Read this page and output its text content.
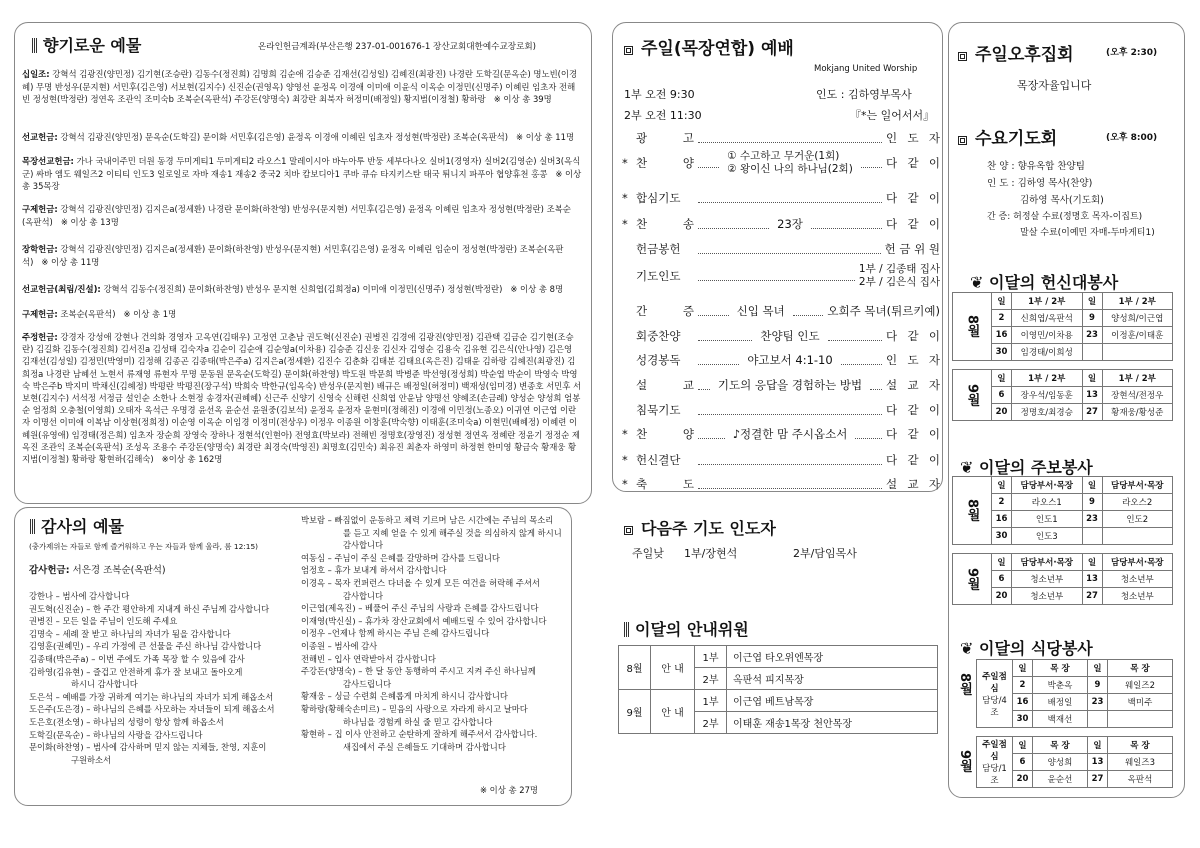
향기로운 예물	온라인헌금계좌(부산은행 237-01-001676-1 장산교회대한예수교장로회)
십일조: 강혁석 김광진(양민정) 김기현(조승란) 김동수(정진희) 김명희 김순애 김승준 김재선(김성일) 김혜진(최광진) 나경란 도학길(문옥순) 명노빈(이경혜) 무명 반성우(문지현) 서민후(김은영) 서보현(김지수) 신진순(권영옥) 양영선 윤정옥 이경애 이미애 이윤식 이옥순 이정민(신명주) 이혜린 임초자 전해빈 정성현(박정란) 정연옥 조관익 조미숙b 조복순(옥판석) 주강돈(양명숙) 최강란 최북자 허정미(배정일) 황지범(이정철) 황하랑 ※ 이상 총 39명
선교헌금: 강혁석 김광진(양민정) 문옥순(도학길) 문이화 서민후(김은영) 윤정옥 이경애 이혜린 임초자 정성현(박정란) 조복순(옥판석) ※ 이상 총 11명
목장선교헌금: 가나 국내이주민 더원 동경 두미게티1 두미게티2 라오스1 말레이시아 바누아투 반둥 세부다나오 실버1(경영자) 실버2(김영순) 실버3(옥식군) 싸바 엠도 웨일즈2 이티티 인도3 일로일로 자바 재송1 재송2 중국2 치바 캄보디아1 쿠바 큐슈 타지키스탄 태국 튀니지 파푸아 협양휴천 홍콩 ※ 이상 총 35목장
구제헌금: 강혁석 김광진(양민정) 김지은a(정세환) 나경란 문이화(하찬영) 반성우(문지현) 서민후(김은영) 윤정옥 이혜린 임초자 정성현(박정란) 조복순(옥판석) ※ 이상 총 13명
장학헌금: 강혁석 김광진(양민정) 김지은a(정세환) 문이화(하찬영) 반성우(문지현) 서민후(김은영) 윤정옥 이혜린 임순이 정성현(박정란) 조복순(옥판석) ※ 이상 총 11명
선교헌금(최림/진설): 강혁석 김동수(정진희) 문이화(하찬영) 반성우 문지현 신희엽(김희정a) 이미애 이정민(신명주) 정성현(박정란) ※ 이상 총 8명
구제헌금: 조복순(옥판석) ※ 이상 총 1명
주정헌금: 강경자 강성애 강현나 건의화 경영자 고옥연(김태우) 고정연 고춘남 권도혁(신진순) 권병진 김경애 김광진(양민정) 김관택 김금순 김기현(조승란) 김길화 김동수(정진희) 김서진a 김성태 김숙자a 김순이 김순애 김순영a(이차용) 김승준 김신웅 김신자 김영순 김용숙 김유현 김은식(안나영) 김은영 김재선(김성일) 김정민(박영미) 김정해 김종곤 김종태(박은주a) 김지은a(정세환) 김진수 김춘화 김태분 김태요(옥은진) 김태윤 김하랑 김혜진(최광진) 김희정a 나경란 남혜선 노현서 류재영 류현자 무명 문동원 문옥순(도학길) 문이화(하찬영) 박도원 박문희 박병준 박선영(정성희) 박순엽 박순이 박영숙 박영숙 박은주b 박지미 박채신(김혜정) 박평란 박평진(장구석) 박희숙 박한규(임옥숙) 반성우(문지현) 배규은 배정일(허정미) 백재성(임미경) 변종호 서민후 서보현(김지수) 서석정 서정금 설인순 소한나 소현정 송경자(권혜혜) 신근주 신양기 신영숙 신해련 신희엽 안윤남 양명선 양혜조(손금례) 양성순 양성희 엄봉순 엄정희 오충철(이영희) 오태자 옥석근 우명경 윤선옥 윤순선 윤원중(김보석) 윤정옥 윤정자 윤현미(정해진) 이경애 이민정(노종오) 이귀연 이근엽 이란자 이명선 이미애 이복남 이상현(정희정) 이순영 이옥순 이임경 이정미(전상우) 이정우 이종원 이창훈(박숙향) 이태훈(조미숙a) 이현민(배혜정) 이혜련 이혜원(유영애) 임경태(정은희) 임초자 장순희 장영숙 장하나 정현석(인현아) 전영효(박보라) 전해빈 정명호(장영진) 정성현 정연옥 정혜란 정윤기 정정순 제옥진 조관익 조복순(옥판석) 조성옥 조용수 주강돈(양명숙) 최경란 최경숙(박영진) 최명호(김민숙) 최유진 최춘자 하영미 하정현 한미영 황금숙 황재웅 황지범(이정철) 황하랑 황현하(김해숙) ※이상 총 162명
감사의 예물
(충가제위는 자들로 함께 즐거워하고 우는 자들과 함께 울라, 롬 12:15)
감사헌금: 서은경 조복순(옥판석)
강한나 – 범사에 감사합니다
권도혁(신진순) – 한 주간 평안하게 지내게 하신 주님께 감사합니다
권병진 – 모든 일을 주님이 인도해 주세요
김명숙 – 세례 잘 받고 하나님의 자녀가 됨을 감사합니다
김영훈(권혜민) – 우리 가정에 큰 선물을 주신 하나님 감사합니다
김종태(박은주a) – 이번 주에도 가족 목장 할 수 있음에 감사
김하영(김유현) – 즐겁고 안전하게 휴가 잘 보내고 돌아오게
하시니 감사합니다
도은석 – 예배를 가장 귀하게 여기는 하나님의 자녀가 되게 해옵소서
도은주(도은경) – 하나님의 은혜를 사모하는 자녀들이 되게 해옵소서
도은호(전소영) – 하나님의 성령이 항상 함께 하옵소서
도학길(문옥순) – 하나님의 사랑을 감사드립니다
문이화(하찬영) – 범사에 감사하며 믿지 않는 지체들, 찬영, 지훈이
구원하소서
박보람 – 빠짐없이 운동하고 체력 기르며 남은 시간에는 주님의 목소리
를 듣고 지혜 얻을 수 있게 해주실 것을 의심하지 않게 하시니
감사합니다
여동심 – 주님이 주실 은혜를 갈망하며 감사를 드립니다
엄정호 – 휴가 보내게 하셔서 감사합니다
이경옥 – 목자 컨퍼런스 다녀올 수 있게 모든 여건을 허락해 주셔서
감사합니다
이근엽(제옥진) – 베풀어 주신 주님의 사랑과 은혜를 감사드립니다
이재영(박신실) – 휴가차 장산교회에서 예배드릴 수 있어 감사합니다
이정우 –언제나 함께 하시는 주님 은혜 감사드립니다
이종원 – 범사에 감사
전해빈 – 입사 연락받아서 감사합니다
주강돈(양명숙) – 한 달 동안 동행하여 주시고 지켜 주신 하나님께
감사드립니다
황재웅 – 싱글 수련회 은혜롭게 마치게 하시니 감사합니다
황하랑(황해숙손미르) – 믿음의 사랑으로 자라게 하시고 날마다
하나님을 경험케 하실 줄 믿고 감사합니다
황현하 – 집 이사 안전하고 순탄하게 잘하게 해주셔서 감사합니다.
새집에서 주실 은혜들도 기대하며 감사합니다
※ 이상 총 27명
주일(목장연합) 예배
Mokjang United Worship
1부 오전 9:30	인도 : 김하영부목사
2부 오전 11:30	『*는 일어서서』
광 고	인 도 자
* 찬 양	① 수고하고 무거운(1회)
② 왕이신 나의 하나님(2회)	다 같 이
* 합심기도	다 같 이
* 찬 송	23장	다 같 이
헌금봉헌	헌 금 위 원
기도인도	1부 / 김종태 집사
2부 / 김은식 집사
간 증	신입 목녀	오희주 목녀(튀르키예)
회중찬양	찬양팀 인도	다 같 이
성경봉독	야고보서 4:1-10	인 도 자
설 교 기도의 응답을 경험하는 방법 설 교 자
침묵기도	다 같 이
* 찬 양	♪정결한 맘 주시옵소서	다 같 이
* 헌신결단	다 같 이
* 축 도	설 교 자
다음주 기도 인도자
주일낮 1부/장현석	2부/담임목사
이달의 안내위원
8월	안 내	1부	이근엽 타오위엔목장
		2부	옥판석 피지목장
9월	안 내	1부	이근엽 베트남목장
		2부	이태훈 재송1목장 천안목장
주일오후집회	(오후 2:30)
목장자율입니다
수요기도회	(오후 8:00)
찬 양 : 향유옥합 찬양팀
인 도 : 김하영 목사(찬양)
김하영 목사(기도회)
간 증: 허정살 수료(정명호 목자-이집트)
말살 수료(이예민 자매-두마게티1)
❦ 이달의 헌신대봉사
8월	일	1부 / 2부	일	1부 / 2부
	2	신희엽/옥판석	9	양성희/이근엽
	16	이영민/이차용	23	이정훈/이태훈
	30	임경태/이희성		
9월	일	1부 / 2부	일	1부 / 2부
	6	장우석/임동훈	13	장현석/전정우
	20	정명호/최경승	27	황재웅/황성준
8월	일	담당부서·목장	일	담당부서·목장
	2	라오스1	9	라오스2
	16	인도1	23	인도2
	30	인도3		
9월	일	담당부서·목장	일	담당부서·목장
	6	청소년부	13	청소년부
	20	청소년부	27	청소년부
주일점심
담당/4조	일	목 장	일	목 장
	2	박춘옥	9	웨일즈2
	16	배정일	23	백미주
	30	백재선		
8월
주일점심
담당/1조	일	목 장	일	목 장
	6	양성희	13	웨일즈3
	20	윤순선	27	옥판석
9월
❦ 이달의 주보봉사
❦ 이달의 식당봉사
